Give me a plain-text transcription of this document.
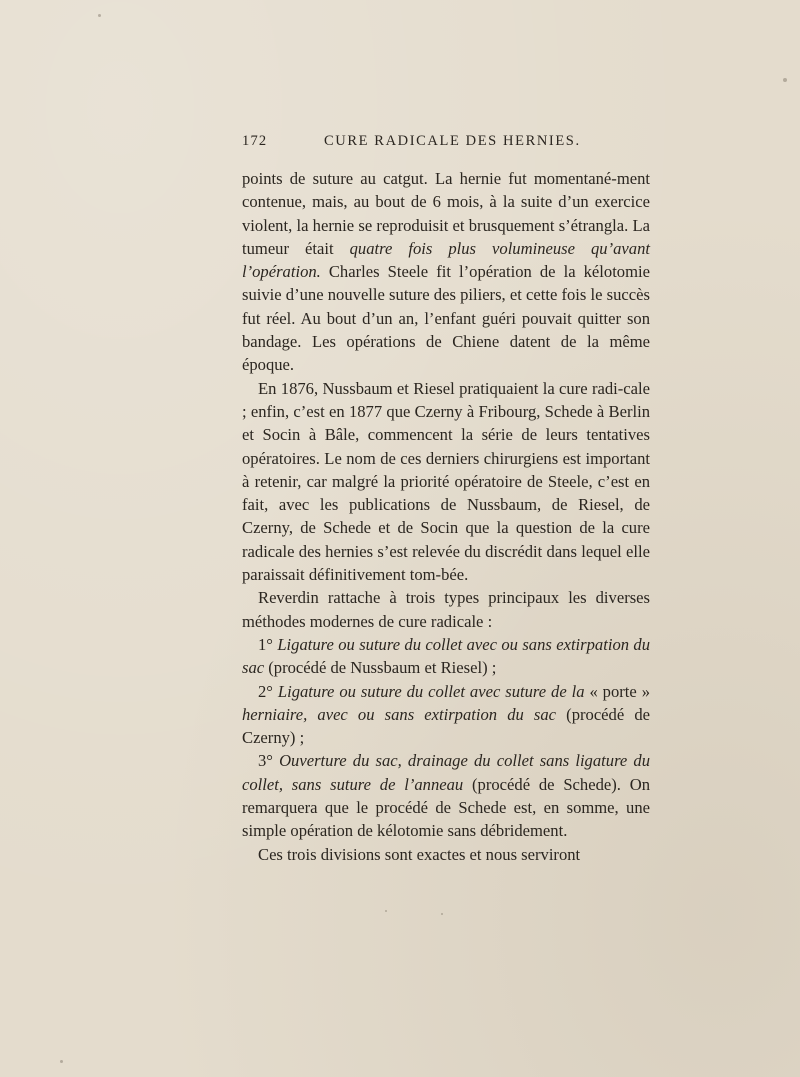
172	CURE RADICALE DES HERNIES.

points de suture au catgut. La hernie fut momentané-ment contenue, mais, au bout de 6 mois, à la suite d’un exercice violent, la hernie se reproduisit et brusquement s’étrangla. La tumeur était quatre fois plus volumineuse qu’avant l’opération. Charles Steele fit l’opération de la kélotomie suivie d’une nouvelle suture des piliers, et cette fois le succès fut réel. Au bout d’un an, l’enfant guéri pouvait quitter son bandage. Les opérations de Chiene datent de la même époque.

En 1876, Nussbaum et Riesel pratiquaient la cure radi-cale ; enfin, c’est en 1877 que Czerny à Fribourg, Schede à Berlin et Socin à Bâle, commencent la série de leurs tentatives opératoires. Le nom de ces derniers chirurgiens est important à retenir, car malgré la priorité opératoire de Steele, c’est en fait, avec les publications de Nussbaum, de Riesel, de Czerny, de Schede et de Socin que la question de la cure radicale des hernies s’est relevée du discrédit dans lequel elle paraissait définitivement tom-bée.

Reverdin rattache à trois types principaux les diverses méthodes modernes de cure radicale :

1° Ligature ou suture du collet avec ou sans extirpation du sac (procédé de Nussbaum et Riesel) ;

2° Ligature ou suture du collet avec suture de la « porte » herniaire, avec ou sans extirpation du sac (procédé de Czerny) ;

3° Ouverture du sac, drainage du collet sans ligature du collet, sans suture de l’anneau (procédé de Schede). On remarquera que le procédé de Schede est, en somme, une simple opération de kélotomie sans débridement.

Ces trois divisions sont exactes et nous serviront
